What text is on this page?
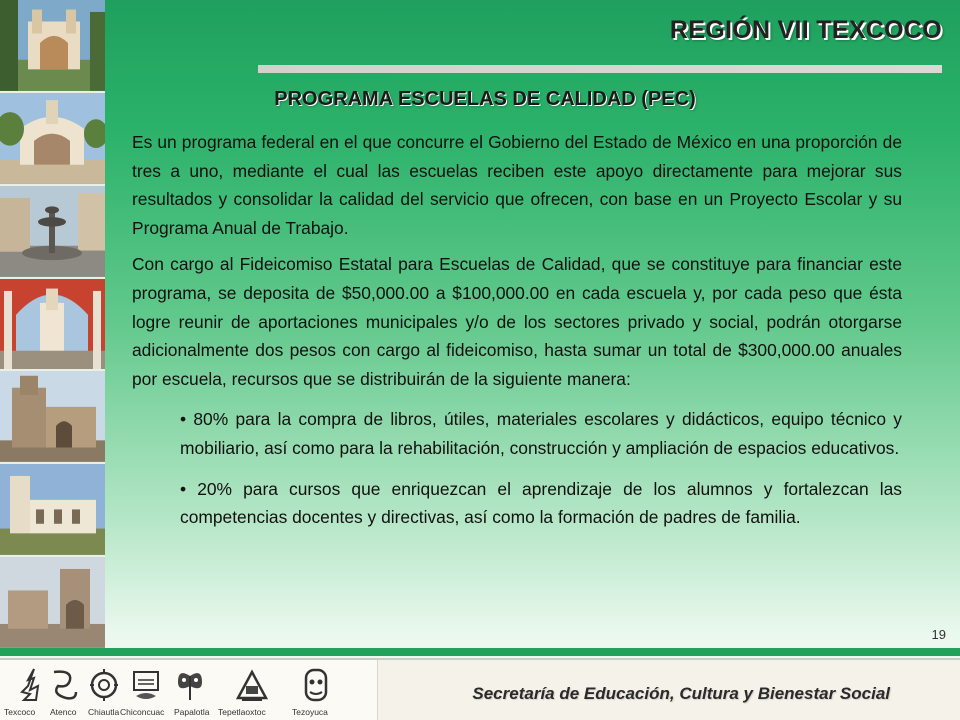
REGIÓN VII TEXCOCO
PROGRAMA ESCUELAS DE CALIDAD (PEC)

Es un programa federal en el que concurre el Gobierno del Estado de México en una proporción de tres a uno, mediante el cual las escuelas reciben este apoyo directamente para mejorar sus resultados y consolidar la calidad del servicio que ofrecen, con base en un Proyecto Escolar y su Programa Anual de Trabajo.

Con cargo al Fideicomiso Estatal para Escuelas de Calidad, que se constituye para financiar este programa, se deposita de $50,000.00 a $100,000.00 en cada escuela y, por cada peso que ésta logre reunir de aportaciones municipales y/o de los sectores privado y social, podrán otorgarse adicionalmente dos pesos con cargo al fideicomiso, hasta sumar un total de $300,000.00 anuales por escuela, recursos que se distribuirán de la siguiente manera:

• 80% para la compra de libros, útiles, materiales escolares y didácticos, equipo técnico y mobiliario, así como para la rehabilitación, construcción y ampliación de espacios educativos.

• 20% para cursos que enriquezcan el aprendizaje de los alumnos y fortalezcan las competencias docentes y directivas, así como la formación de padres de familia.

19
Texcoco Atenco Chiautla Chiconcuac Papalotla Tepetlaoxtoc	Tezoyuca
Secretaría de Educación, Cultura y Bienestar Social
